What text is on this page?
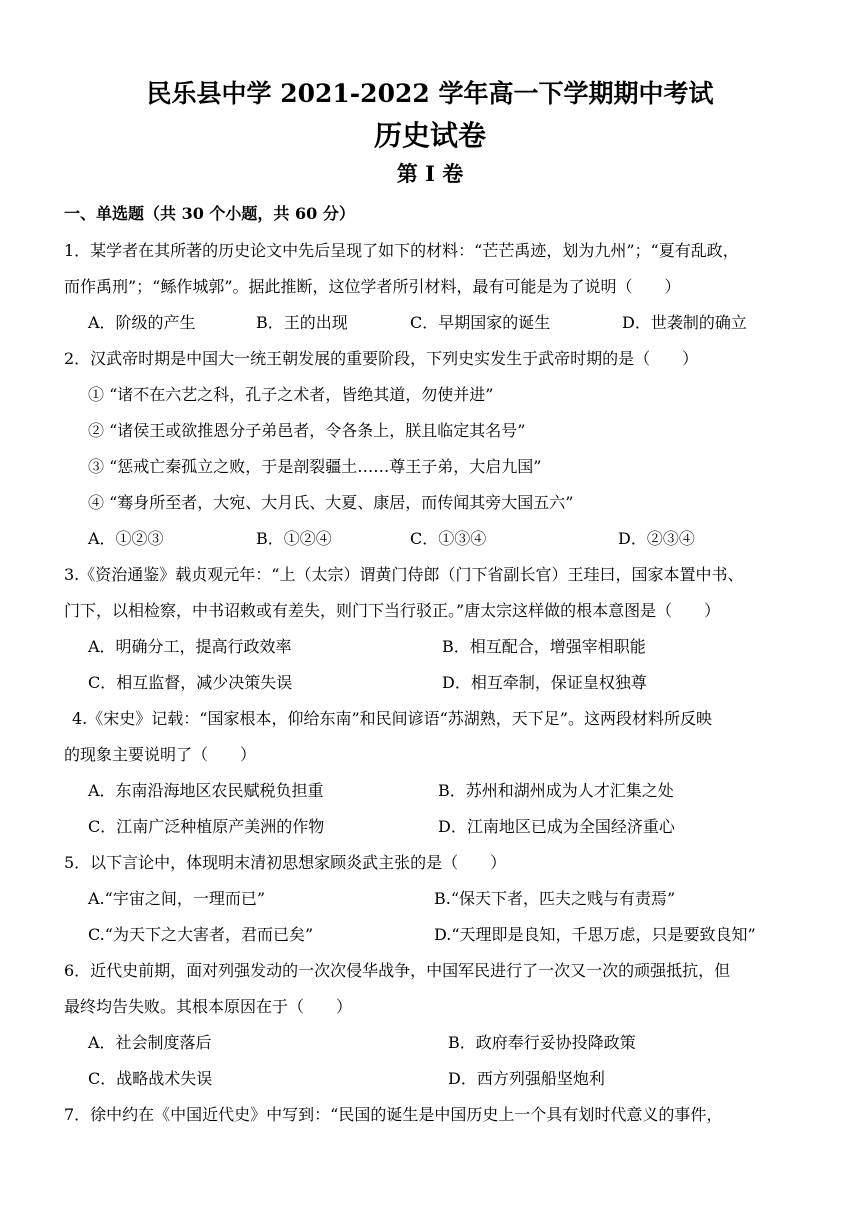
民乐县中学 2021-2022 学年高一下学期期中考试
历史试卷
第 I 卷
一、单选题（共 30 个小题，共 60 分）
1．某学者在其所著的历史论文中先后呈现了如下的材料：“芒芒禹迹，划为九州”；“夏有乱政，
而作禹刑”；“鲧作城郭”。据此推断，这位学者所引材料，最有可能是为了说明（　　）
A．阶级的产生	B．王的出现	C．早期国家的诞生	D．世袭制的确立
2．汉武帝时期是中国大一统王朝发展的重要阶段，下列史实发生于武帝时期的是（　　）
① “诸不在六艺之科，孔子之术者，皆绝其道，勿使并进”
② “诸侯王或欲推恩分子弟邑者，令各条上，朕且临定其名号”
③ “惩戒亡秦孤立之败，于是剖裂疆土……尊王子弟，大启九国”
④ “骞身所至者，大宛、大月氏、大夏、康居，而传闻其旁大国五六”
A．①②③	B．①②④	C．①③④	D．②③④
3.《资治通鉴》载贞观元年：“上（太宗）谓黄门侍郎（门下省副长官）王珪曰，国家本置中书、
门下，以相检察，中书诏敕或有差失，则门下当行驳正。”唐太宗这样做的根本意图是（　　）
A．明确分工，提高行政效率	B．相互配合，增强宰相职能
C．相互监督，减少决策失误	D．相互牵制，保证皇权独尊
4.《宋史》记载：“国家根本，仰给东南”和民间谚语“苏湖熟，天下足”。这两段材料所反映
的现象主要说明了（　　）
A．东南沿海地区农民赋税负担重	B．苏州和湖州成为人才汇集之处
C．江南广泛种植原产美洲的作物	D．江南地区已成为全国经济重心
5．以下言论中，体现明末清初思想家顾炎武主张的是（　　）
A.“宇宙之间，一理而已”	B.“保天下者，匹夫之贱与有责焉”
C.“为天下之大害者，君而已矣”	D.“天理即是良知，千思万虑，只是要致良知”
6．近代史前期，面对列强发动的一次次侵华战争，中国军民进行了一次又一次的顽强抵抗，但
最终均告失败。其根本原因在于（　　）
A．社会制度落后	B．政府奉行妥协投降政策
C．战略战术失误	D．西方列强船坚炮利
7．徐中约在《中国近代史》中写到：“民国的诞生是中国历史上一个具有划时代意义的事件，
